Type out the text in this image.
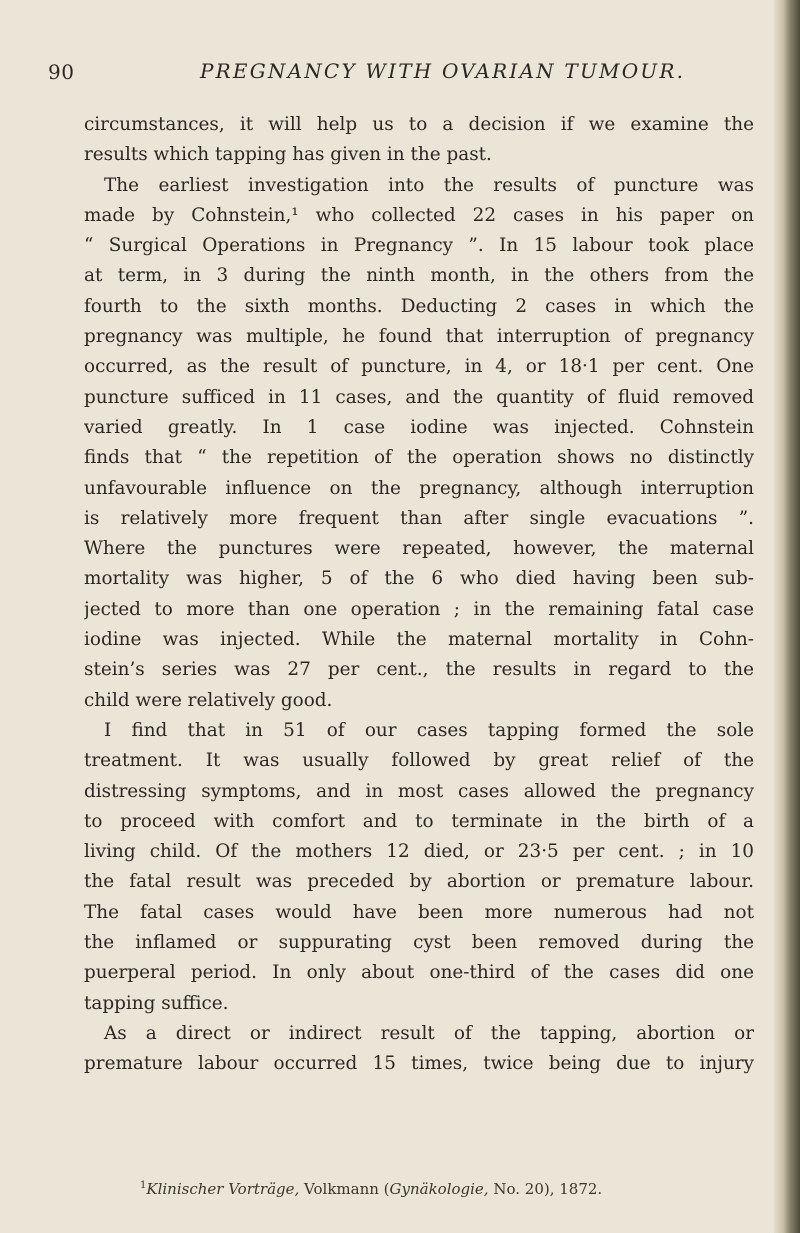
90	PREGNANCY WITH OVARIAN TUMOUR.
circumstances, it will help us to a decision if we examine the
results which tapping has given in the past.
The earliest investigation into the results of puncture was
made by Cohnstein,¹ who collected 22 cases in his paper on
“ Surgical Operations in Pregnancy ”. In 15 labour took place
at term, in 3 during the ninth month, in the others from the
fourth to the sixth months. Deducting 2 cases in which the
pregnancy was multiple, he found that interruption of pregnancy
occurred, as the result of puncture, in 4, or 18·1 per cent. One
puncture sufficed in 11 cases, and the quantity of fluid removed
varied greatly. In 1 case iodine was injected. Cohnstein
finds that “ the repetition of the operation shows no distinctly
unfavourable influence on the pregnancy, although interruption
is relatively more frequent than after single evacuations ”.
Where the punctures were repeated, however, the maternal
mortality was higher, 5 of the 6 who died having been sub-
jected to more than one operation ; in the remaining fatal case
iodine was injected. While the maternal mortality in Cohn-
stein’s series was 27 per cent., the results in regard to the
child were relatively good.
I find that in 51 of our cases tapping formed the sole
treatment. It was usually followed by great relief of the
distressing symptoms, and in most cases allowed the pregnancy
to proceed with comfort and to terminate in the birth of a
living child. Of the mothers 12 died, or 23·5 per cent. ; in 10
the fatal result was preceded by abortion or premature labour.
The fatal cases would have been more numerous had not
the inflamed or suppurating cyst been removed during the
puerperal period. In only about one-third of the cases did one
tapping suffice.
As a direct or indirect result of the tapping, abortion or
premature labour occurred 15 times, twice being due to injury
$^1$Klinischer Vorträge, Volkmann (Gynäkologie, No. 20), 1872.
